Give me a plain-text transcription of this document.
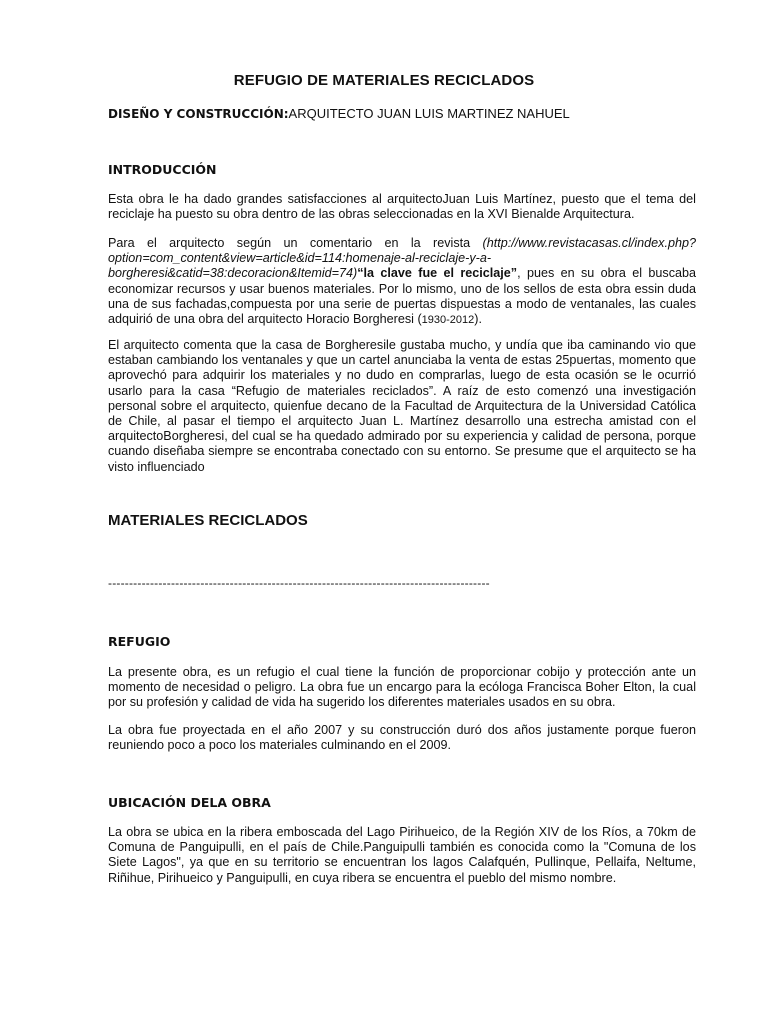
REFUGIO DE MATERIALES RECICLADOS
DISEÑO Y CONSTRUCCIÓN:ARQUITECTO JUAN LUIS MARTINEZ NAHUEL
INTRODUCCIÓN

Esta obra le ha dado grandes satisfacciones al arquitectoJuan Luis Martínez, puesto que el tema del reciclaje ha puesto su obra dentro de las obras seleccionadas en la XVI Bienalde Arquitectura.

Para el arquitecto según un comentario en la revista (http://www.revistacasas.cl/index.php?option=com_content&view=article&id=114:homenaje-al-reciclaje-y-a-borgheresi&catid=38:decoracion&Itemid=74)“la clave fue el reciclaje”, pues en su obra el buscaba economizar recursos y usar buenos materiales. Por lo mismo, uno de los sellos de esta obra essin duda una de sus fachadas,compuesta por una serie de puertas dispuestas a modo de ventanales, las cuales adquirió de una obra del arquitecto Horacio Borgheresi (1930-2012).

El arquitecto comenta que la casa de Borgheresile gustaba mucho, y undía que iba caminando vio que estaban cambiando los ventanales y que un cartel anunciaba la venta de estas 25puertas, momento que aprovechó para adquirir los materiales y no dudo en comprarlas, luego de esta ocasión se le ocurrió usarlo para la casa “Refugio de materiales reciclados”. A raíz de esto comenzó una investigación personal sobre el arquitecto, quienfue decano de la Facultad de Arquitectura de la Universidad Católica de Chile, al pasar el tiempo el arquitecto Juan L. Martínez desarrollo una estrecha amistad con el arquitectoBorgheresi, del cual se ha quedado admirado por su experiencia y calidad de persona, porque cuando diseñaba siempre se encontraba conectado con su entorno. Se presume que el arquitecto se ha visto influenciado

MATERIALES RECICLADOS
-------------------------------------------------------------------------------------------
REFUGIO

La presente obra, es un refugio el cual tiene la función de proporcionar cobijo y protección ante un momento de necesidad o peligro. La obra fue un encargo para la ecóloga Francisca Boher Elton, la cual por su profesión y calidad de vida ha sugerido los diferentes materiales usados en su obra.

La obra fue proyectada en el año 2007 y su construcción duró dos años justamente porque fueron reuniendo poco a poco los materiales culminando en el 2009.

UBICACIÓN DELA OBRA

La obra se ubica en la ribera emboscada del Lago Pirihueico, de la Región XIV de los Ríos, a 70km de Comuna de Panguipulli, en el país de Chile.Panguipulli también es conocida como la "Comuna de los Siete Lagos", ya que en su territorio se encuentran los lagos Calafquén, Pullinque, Pellaifa, Neltume, Riñihue, Pirihueico y Panguipulli, en cuya ribera se encuentra el pueblo del mismo nombre.
